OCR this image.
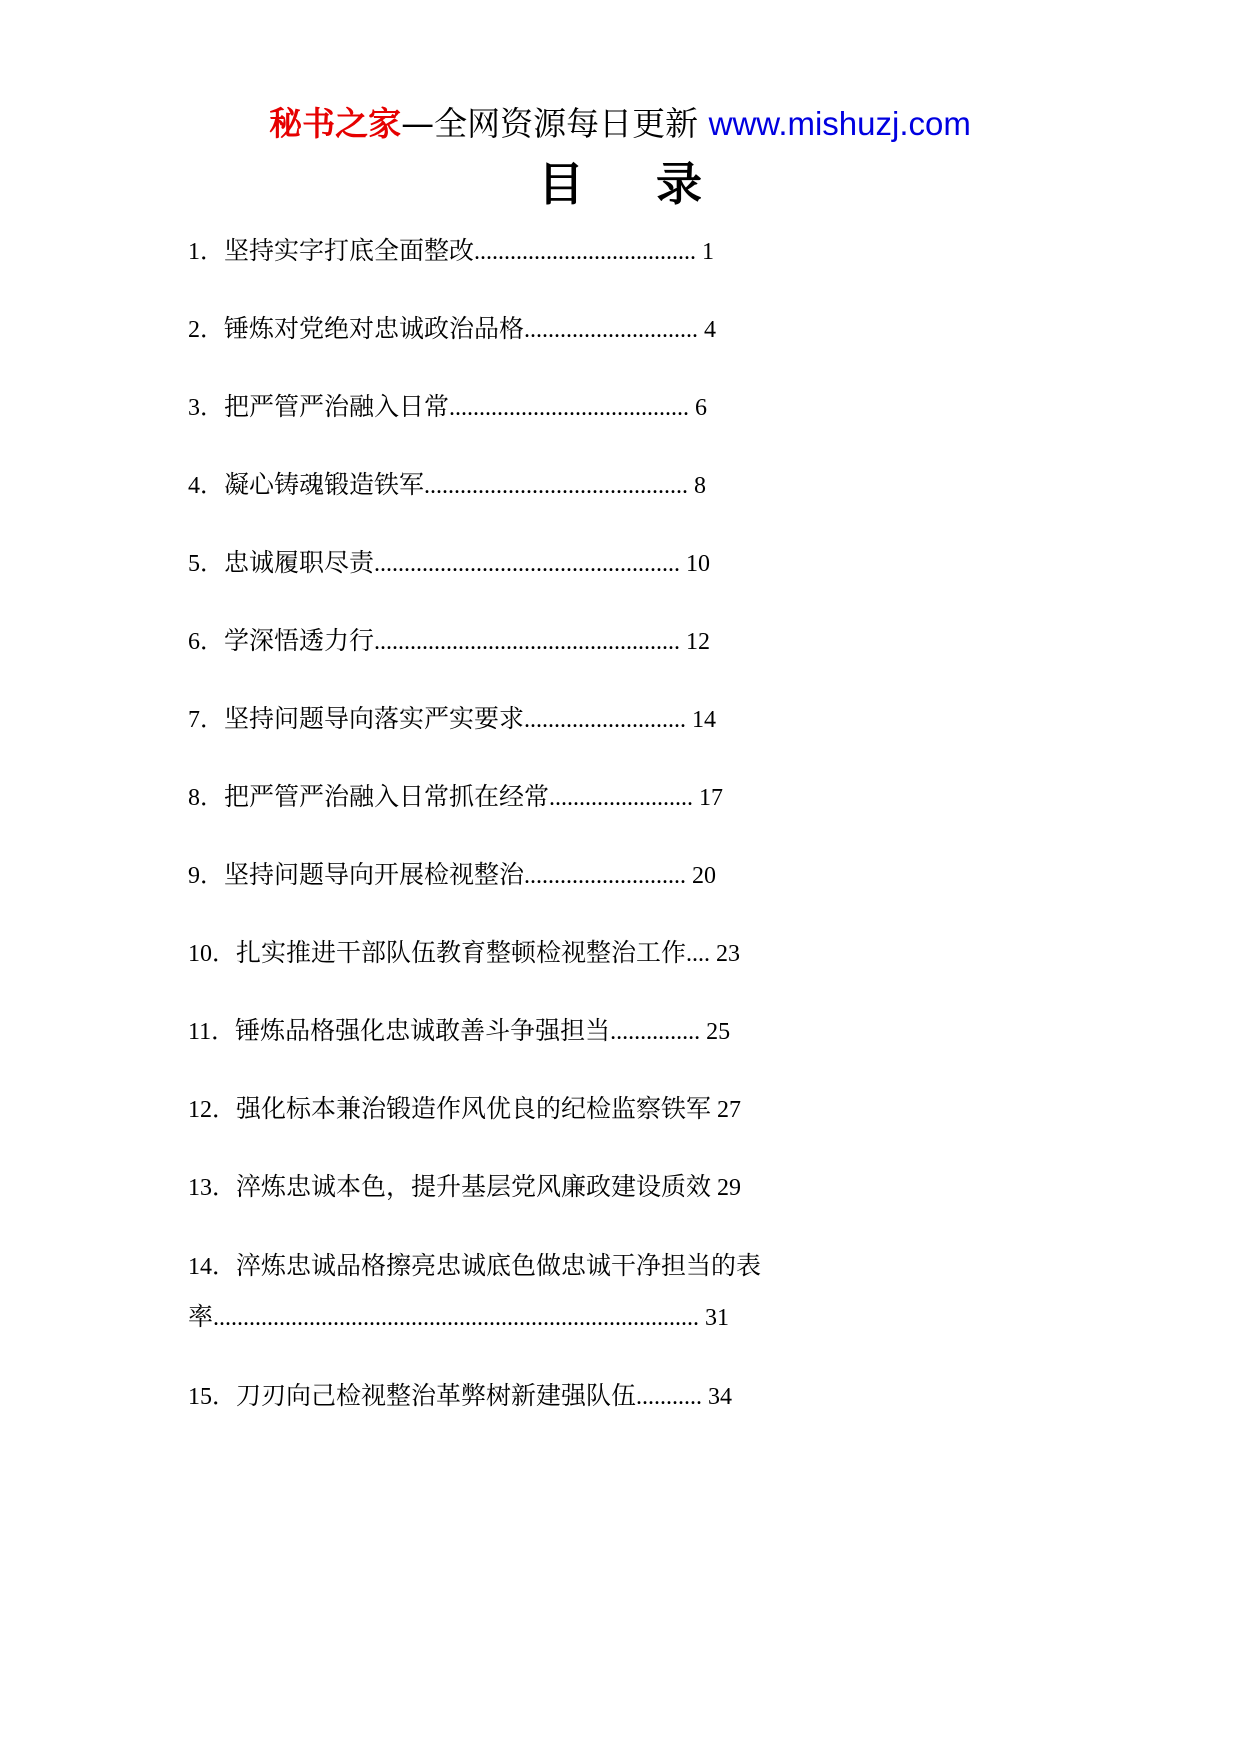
秘书之家—全网资源每日更新 www.mishuzj.com
目 录
1．坚持实字打底全面整改..................................... 1
2．锤炼对党绝对忠诚政治品格............................. 4
3．把严管严治融入日常........................................ 6
4．凝心铸魂锻造铁军............................................ 8
5．忠诚履职尽责................................................... 10
6．学深悟透力行................................................... 12
7．坚持问题导向落实严实要求........................... 14
8．把严管严治融入日常抓在经常........................ 17
9．坚持问题导向开展检视整治........................... 20
10．扎实推进干部队伍教育整顿检视整治工作.... 23
11．锤炼品格强化忠诚敢善斗争强担当............... 25
12．强化标本兼治锻造作风优良的纪检监察铁军 27
13．淬炼忠诚本色，提升基层党风廉政建设质效 29
14．淬炼忠诚品格擦亮忠诚底色做忠诚干净担当的表
率................................................................................. 31
15．刀刃向己检视整治革弊树新建强队伍........... 34
